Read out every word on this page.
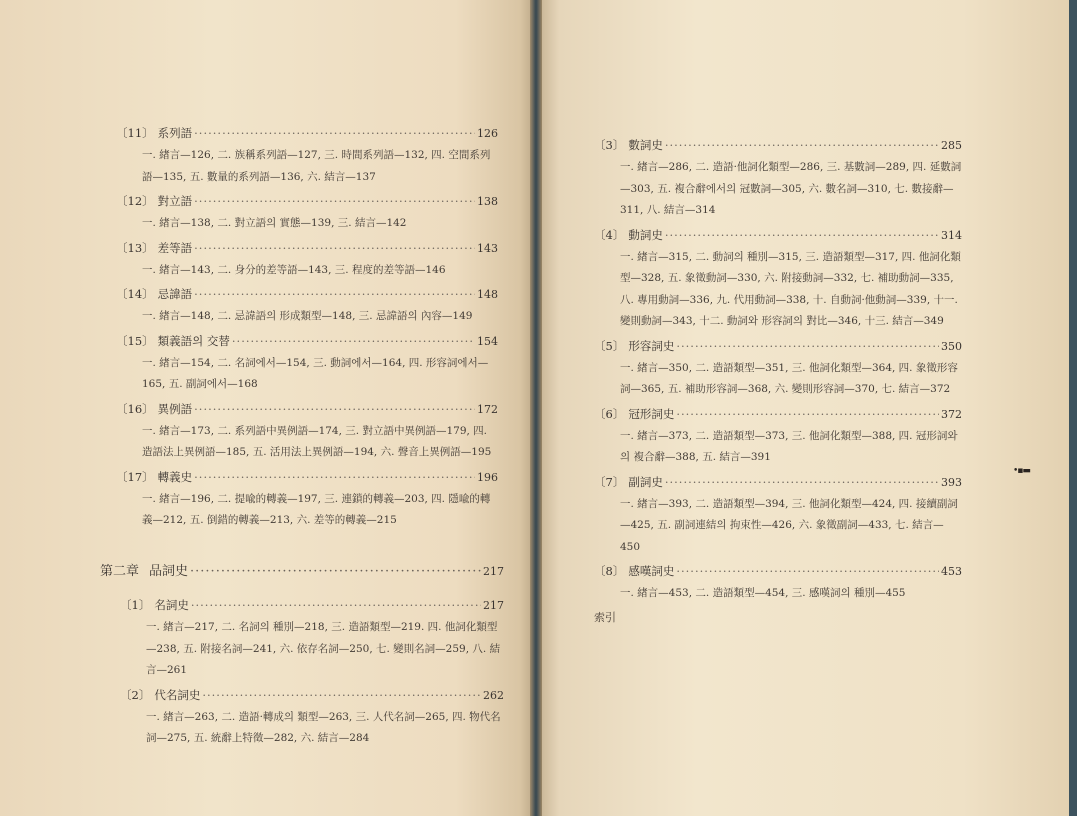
〔11〕 系列語 ·····	126
一. 緖言—126, 二. 族稱系列語—127, 三. 時間系列語—132, 四. 空間系列語—135, 五. 數量的系列語—136, 六. 結言—137
〔12〕 對立語 ·····	138
一. 緖言—138, 二. 對立語의 實態—139, 三. 結言—142
〔13〕 差等語 ·····	143
一. 緖言—143, 二. 身分的差等語—143, 三. 程度的差等語—146
〔14〕 忌諱語 ·····	148
一. 緖言—148, 二. 忌諱語의 形成類型—148, 三. 忌諱語의 內容—149
〔15〕 類義語의 交替 ·····	154
一. 緖言—154, 二. 名詞에서—154, 三. 動詞에서—164, 四. 形容詞에서—165, 五. 副詞에서—168
〔16〕 異例語 ·····	172
一. 緖言—173, 二. 系列語中異例語—174, 三. 對立語中異例語—179, 四. 造語法上異例語—185, 五. 活用法上異例語—194, 六. 聲音上異例語—195
〔17〕 轉義史 ·····	196
一. 緖言—196, 二. 提喩的轉義—197, 三. 連鎖的轉義—203, 四. 隱喩的轉義—212, 五. 倒錯的轉義—213, 六. 差等的轉義—215
第二章 品詞史 ·····	217
〔1〕 名詞史 ·····	217
一. 緖言—217, 二. 名詞의 種別—218, 三. 造語類型—219. 四. 他詞化類型—238, 五. 附接名詞—241, 六. 依存名詞—250, 七. 變則名詞—259, 八. 結言—261
〔2〕 代名詞史 ·····	262
一. 緖言—263, 二. 造語·轉成의 類型—263, 三. 人代名詞—265, 四. 物代名詞—275, 五. 統辭上特徵—282, 六. 結言—284
〔3〕 數詞史 ·····	285
一. 緖言—286, 二. 造語·他詞化類型—286, 三. 基數詞—289, 四. 延數詞—303, 五. 複合辭에서의 冠數詞—305, 六. 數名詞—310, 七. 數接辭—311, 八. 結言—314
〔4〕 動詞史 ·····	314
一. 緖言—315, 二. 動詞의 種別—315, 三. 造語類型—317, 四. 他詞化類型—328, 五. 象徵動詞—330, 六. 附接動詞—332, 七. 補助動詞—335, 八. 專用動詞—336, 九. 代用動詞—338, 十. 自動詞·他動詞—339, 十一. 變則動詞—343, 十二. 動詞와 形容詞의 對比—346, 十三. 結言—349
〔5〕 形容詞史 ·····	350
一. 緖言—350, 二. 造語類型—351, 三. 他詞化類型—364, 四. 象徵形容詞—365, 五. 補助形容詞—368, 六. 變則形容詞—370, 七. 結言—372
〔6〕 冠形詞史 ·····	372
一. 緖言—373, 二. 造語類型—373, 三. 他詞化類型—388, 四. 冠形詞와의 複合辭—388, 五. 結言—391
〔7〕 副詞史 ·····	393
一. 緖言—393, 二. 造語類型—394, 三. 他詞化類型—424, 四. 接續副詞—425, 五. 副詞連結의 拘束性—426, 六. 象徵副詞—433, 七. 結言—450
〔8〕 感嘆詞史 ·····	453
一. 緖言—453, 二. 造語類型—454, 三. 感嘆詞의 種別—455
索引
•▪▬
